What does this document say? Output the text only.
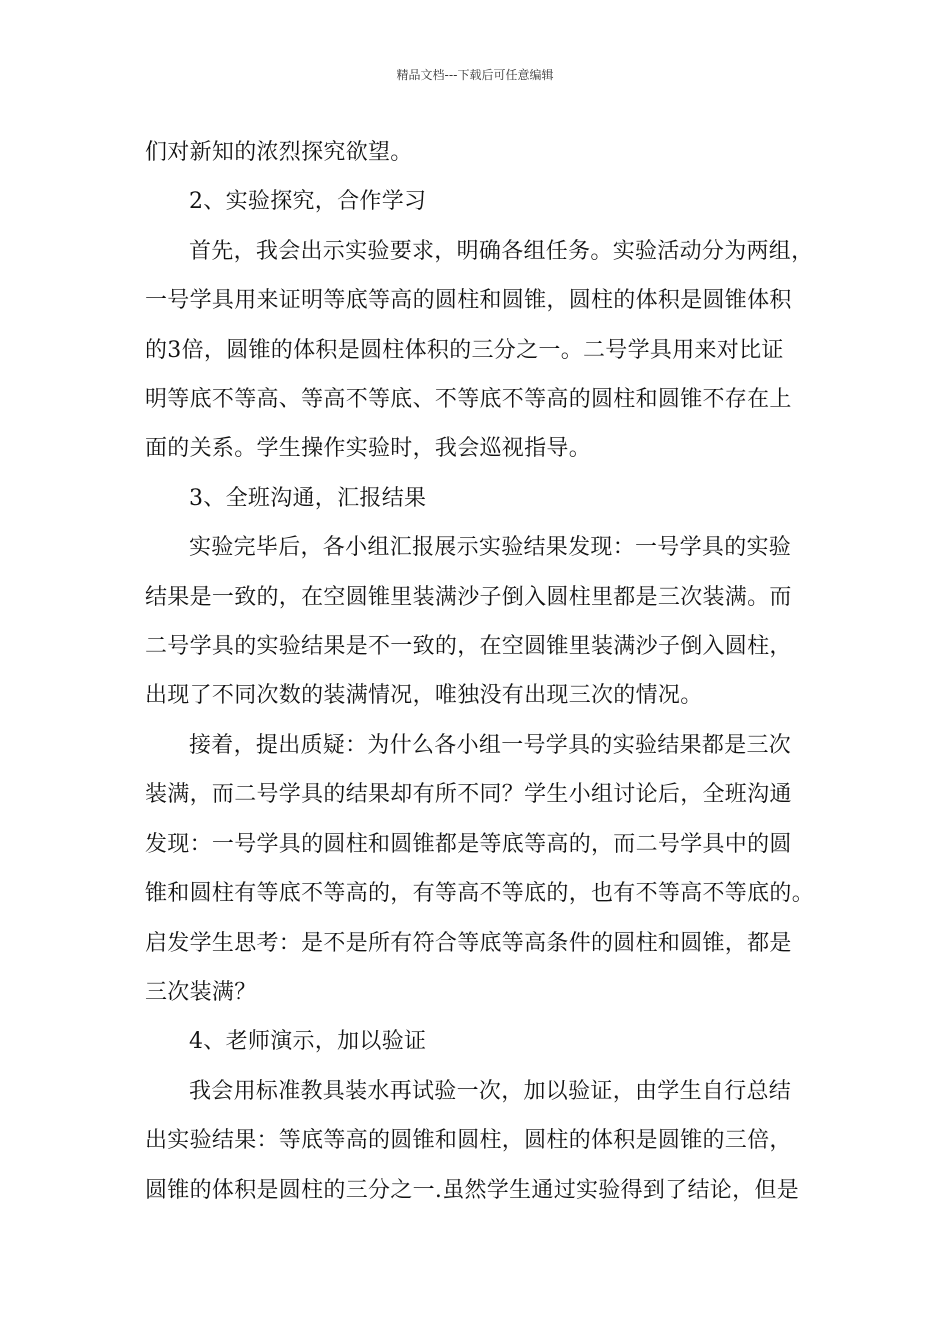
精品文档---下载后可任意编辑

们对新知的浓烈探究欲望。

2、实验探究，合作学习

首先，我会出示实验要求，明确各组任务。实验活动分为两组，

一号学具用来证明等底等高的圆柱和圆锥，圆柱的体积是圆锥体积

的3倍，圆锥的体积是圆柱体积的三分之一。二号学具用来对比证

明等底不等高、等高不等底、不等底不等高的圆柱和圆锥不存在上

面的关系。学生操作实验时，我会巡视指导。

3、全班沟通，汇报结果

实验完毕后，各小组汇报展示实验结果发现：一号学具的实验

结果是一致的，在空圆锥里装满沙子倒入圆柱里都是三次装满。而

二号学具的实验结果是不一致的，在空圆锥里装满沙子倒入圆柱，

出现了不同次数的装满情况，唯独没有出现三次的情况。

接着，提出质疑：为什么各小组一号学具的实验结果都是三次

装满，而二号学具的结果却有所不同？学生小组讨论后，全班沟通

发现：一号学具的圆柱和圆锥都是等底等高的，而二号学具中的圆

锥和圆柱有等底不等高的，有等高不等底的，也有不等高不等底的。

启发学生思考：是不是所有符合等底等高条件的圆柱和圆锥，都是

三次装满？

4、老师演示，加以验证

我会用标准教具装水再试验一次，加以验证，由学生自行总结

出实验结果：等底等高的圆锥和圆柱，圆柱的体积是圆锥的三倍，

圆锥的体积是圆柱的三分之一.虽然学生通过实验得到了结论，但是
